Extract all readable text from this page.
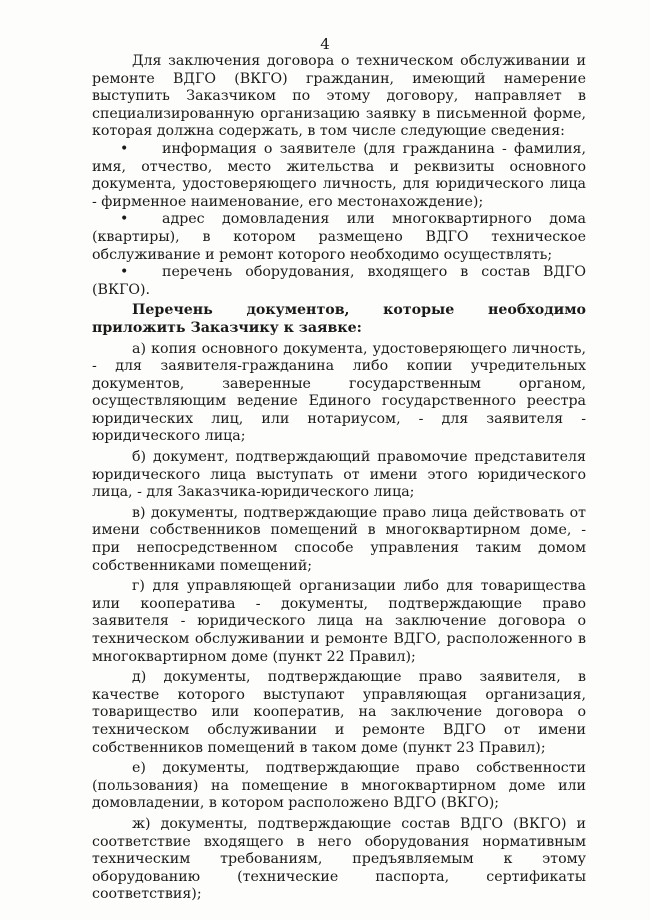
4

Для заключения договора о техническом обслуживании и ремонте ВДГО (ВКГО) гражданин, имеющий намерение выступить Заказчиком по этому договору, направляет в специализированную организацию заявку в письменной форме, которая должна содержать, в том числе следующие сведения:

• информация о заявителе (для гражданина - фамилия, имя, отчество, место жительства и реквизиты основного документа, удостоверяющего личность, для юридического лица - фирменное наименование, его местонахождение);

• адрес домовладения или многоквартирного дома (квартиры), в котором размещено ВДГО техническое обслуживание и ремонт которого необходимо осуществлять;

• перечень оборудования, входящего в состав ВДГО (ВКГО).

Перечень документов, которые необходимо приложить Заказчику к заявке:

а) копия основного документа, удостоверяющего личность, - для заявителя-гражданина либо копии учредительных документов, заверенные государственным органом, осуществляющим ведение Единого государственного реестра юридических лиц, или нотариусом, - для заявителя - юридического лица;

б) документ, подтверждающий правомочие представителя юридического лица выступать от имени этого юридического лица, - для Заказчика-юридического лица;

в) документы, подтверждающие право лица действовать от имени собственников помещений в многоквартирном доме, - при непосредственном способе управления таким домом собственниками помещений;

г) для управляющей организации либо для товарищества или кооператива - документы, подтверждающие право заявителя - юридического лица на заключение договора о техническом обслуживании и ремонте ВДГО, расположенного в многоквартирном доме (пункт 22 Правил);

д) документы, подтверждающие право заявителя, в качестве которого выступают управляющая организация, товарищество или кооператив, на заключение договора о техническом обслуживании и ремонте ВДГО от имени собственников помещений в таком доме (пункт 23 Правил);

е) документы, подтверждающие право собственности (пользования) на помещение в многоквартирном доме или домовладении, в котором расположено ВДГО (ВКГО);

ж) документы, подтверждающие состав ВДГО (ВКГО) и соответствие входящего в него оборудования нормативным техническим требованиям, предъявляемым к этому оборудованию (технические паспорта, сертификаты соответствия);
